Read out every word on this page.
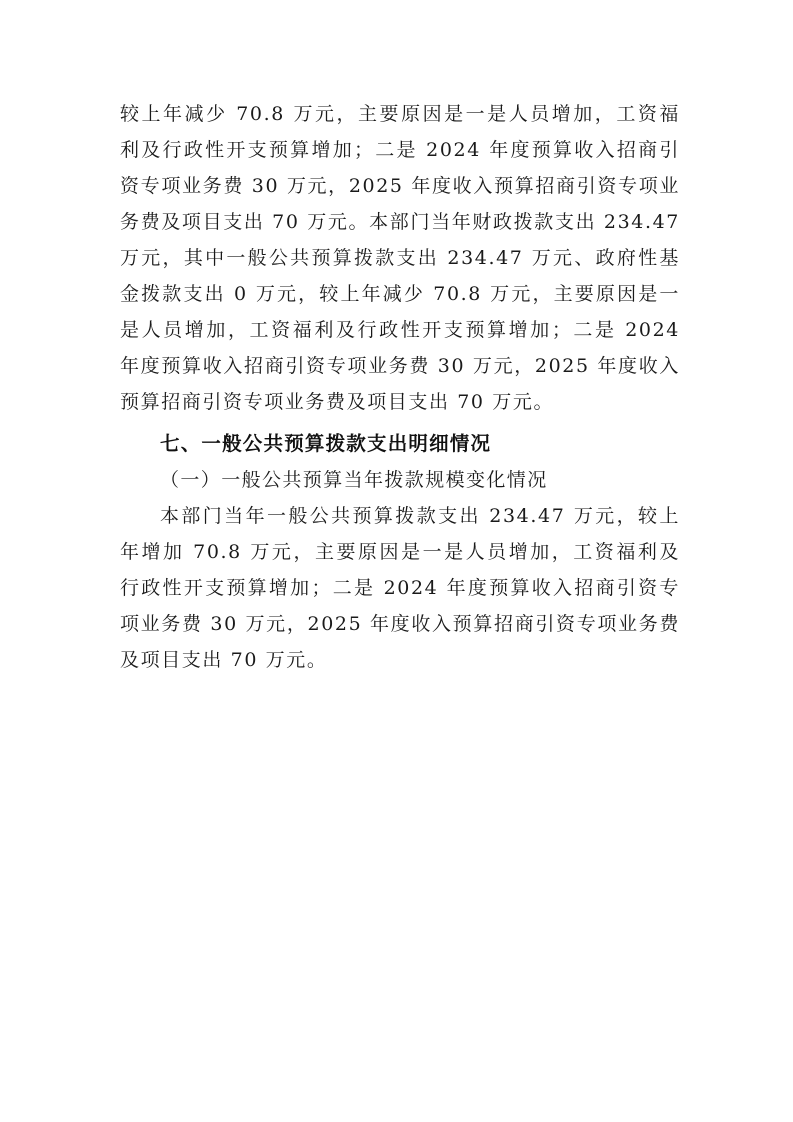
较上年减少 70.8 万元，主要原因是一是人员增加，工资福
利及行政性开支预算增加；二是 2024 年度预算收入招商引
资专项业务费 30 万元，2025 年度收入预算招商引资专项业
务费及项目支出 70 万元。本部门当年财政拨款支出 234.47
万元，其中一般公共预算拨款支出 234.47 万元、政府性基
金拨款支出 0 万元，较上年减少 70.8 万元，主要原因是一
是人员增加，工资福利及行政性开支预算增加；二是 2024
年度预算收入招商引资专项业务费 30 万元，2025 年度收入
预算招商引资专项业务费及项目支出 70 万元。
七、一般公共预算拨款支出明细情况
（一）一般公共预算当年拨款规模变化情况
本部门当年一般公共预算拨款支出 234.47 万元，较上
年增加 70.8 万元，主要原因是一是人员增加，工资福利及
行政性开支预算增加；二是 2024 年度预算收入招商引资专
项业务费 30 万元，2025 年度收入预算招商引资专项业务费
及项目支出 70 万元。
